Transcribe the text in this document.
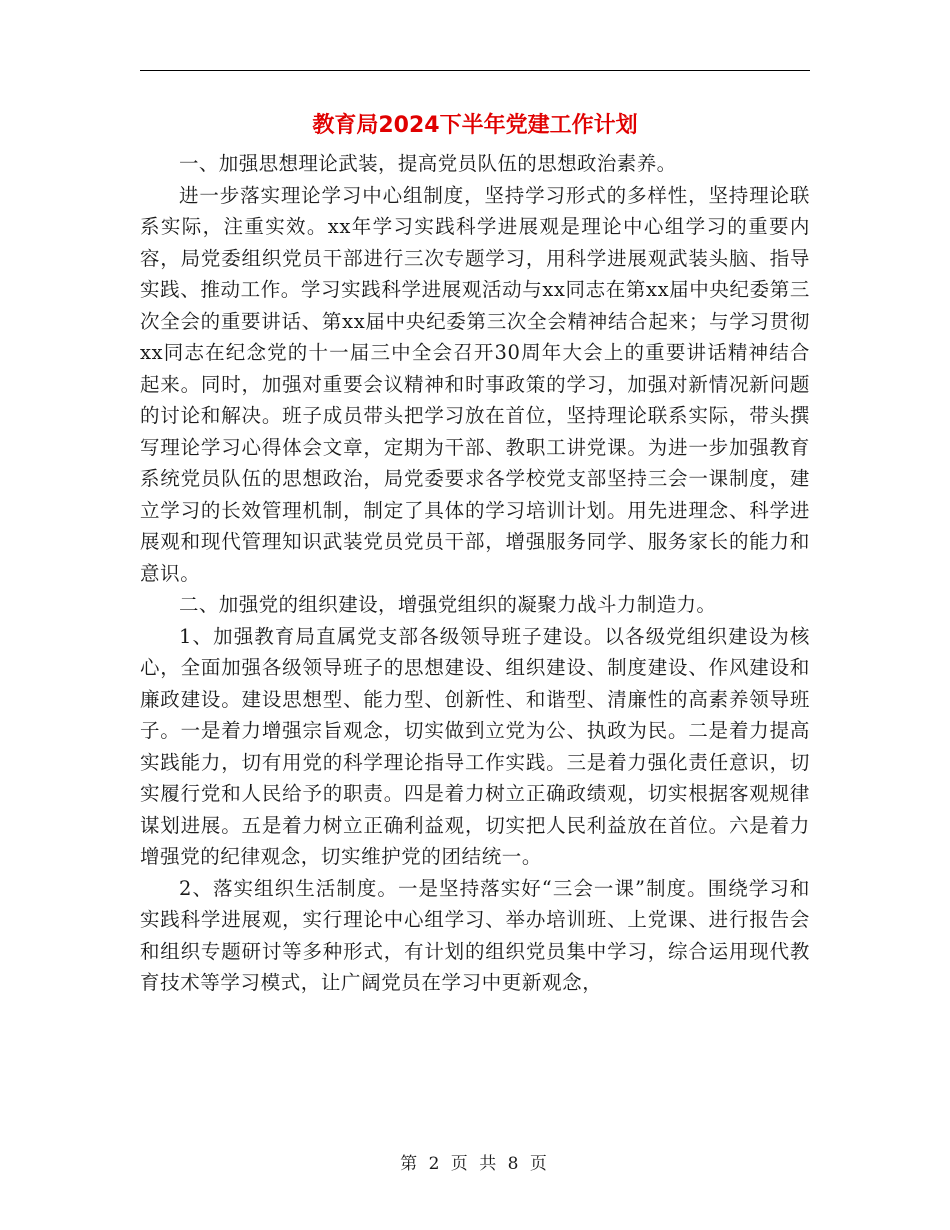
教育局2024下半年党建工作计划

一、加强思想理论武装，提高党员队伍的思想政治素养。

进一步落实理论学习中心组制度，坚持学习形式的多样性，坚持理论联系实际，注重实效。xx年学习实践科学进展观是理论中心组学习的重要内容，局党委组织党员干部进行三次专题学习，用科学进展观武装头脑、指导实践、推动工作。学习实践科学进展观活动与xx同志在第xx届中央纪委第三次全会的重要讲话、第xx届中央纪委第三次全会精神结合起来；与学习贯彻xx同志在纪念党的十一届三中全会召开30周年大会上的重要讲话精神结合起来。同时，加强对重要会议精神和时事政策的学习，加强对新情况新问题的讨论和解决。班子成员带头把学习放在首位，坚持理论联系实际，带头撰写理论学习心得体会文章，定期为干部、教职工讲党课。为进一步加强教育系统党员队伍的思想政治，局党委要求各学校党支部坚持三会一课制度，建立学习的长效管理机制，制定了具体的学习培训计划。用先进理念、科学进展观和现代管理知识武装党员党员干部，增强服务同学、服务家长的能力和意识。

二、加强党的组织建设，增强党组织的凝聚力战斗力制造力。

1、加强教育局直属党支部各级领导班子建设。以各级党组织建设为核心，全面加强各级领导班子的思想建设、组织建设、制度建设、作风建设和廉政建设。建设思想型、能力型、创新性、和谐型、清廉性的高素养领导班子。一是着力增强宗旨观念，切实做到立党为公、执政为民。二是着力提高实践能力，切有用党的科学理论指导工作实践。三是着力强化责任意识，切实履行党和人民给予的职责。四是着力树立正确政绩观，切实根据客观规律谋划进展。五是着力树立正确利益观，切实把人民利益放在首位。六是着力增强党的纪律观念，切实维护党的团结统一。

2、落实组织生活制度。一是坚持落实好“三会一课”制度。围绕学习和实践科学进展观，实行理论中心组学习、举办培训班、上党课、进行报告会和组织专题研讨等多种形式，有计划的组织党员集中学习，综合运用现代教育技术等学习模式，让广阔党员在学习中更新观念，

第 2 页 共 8 页
